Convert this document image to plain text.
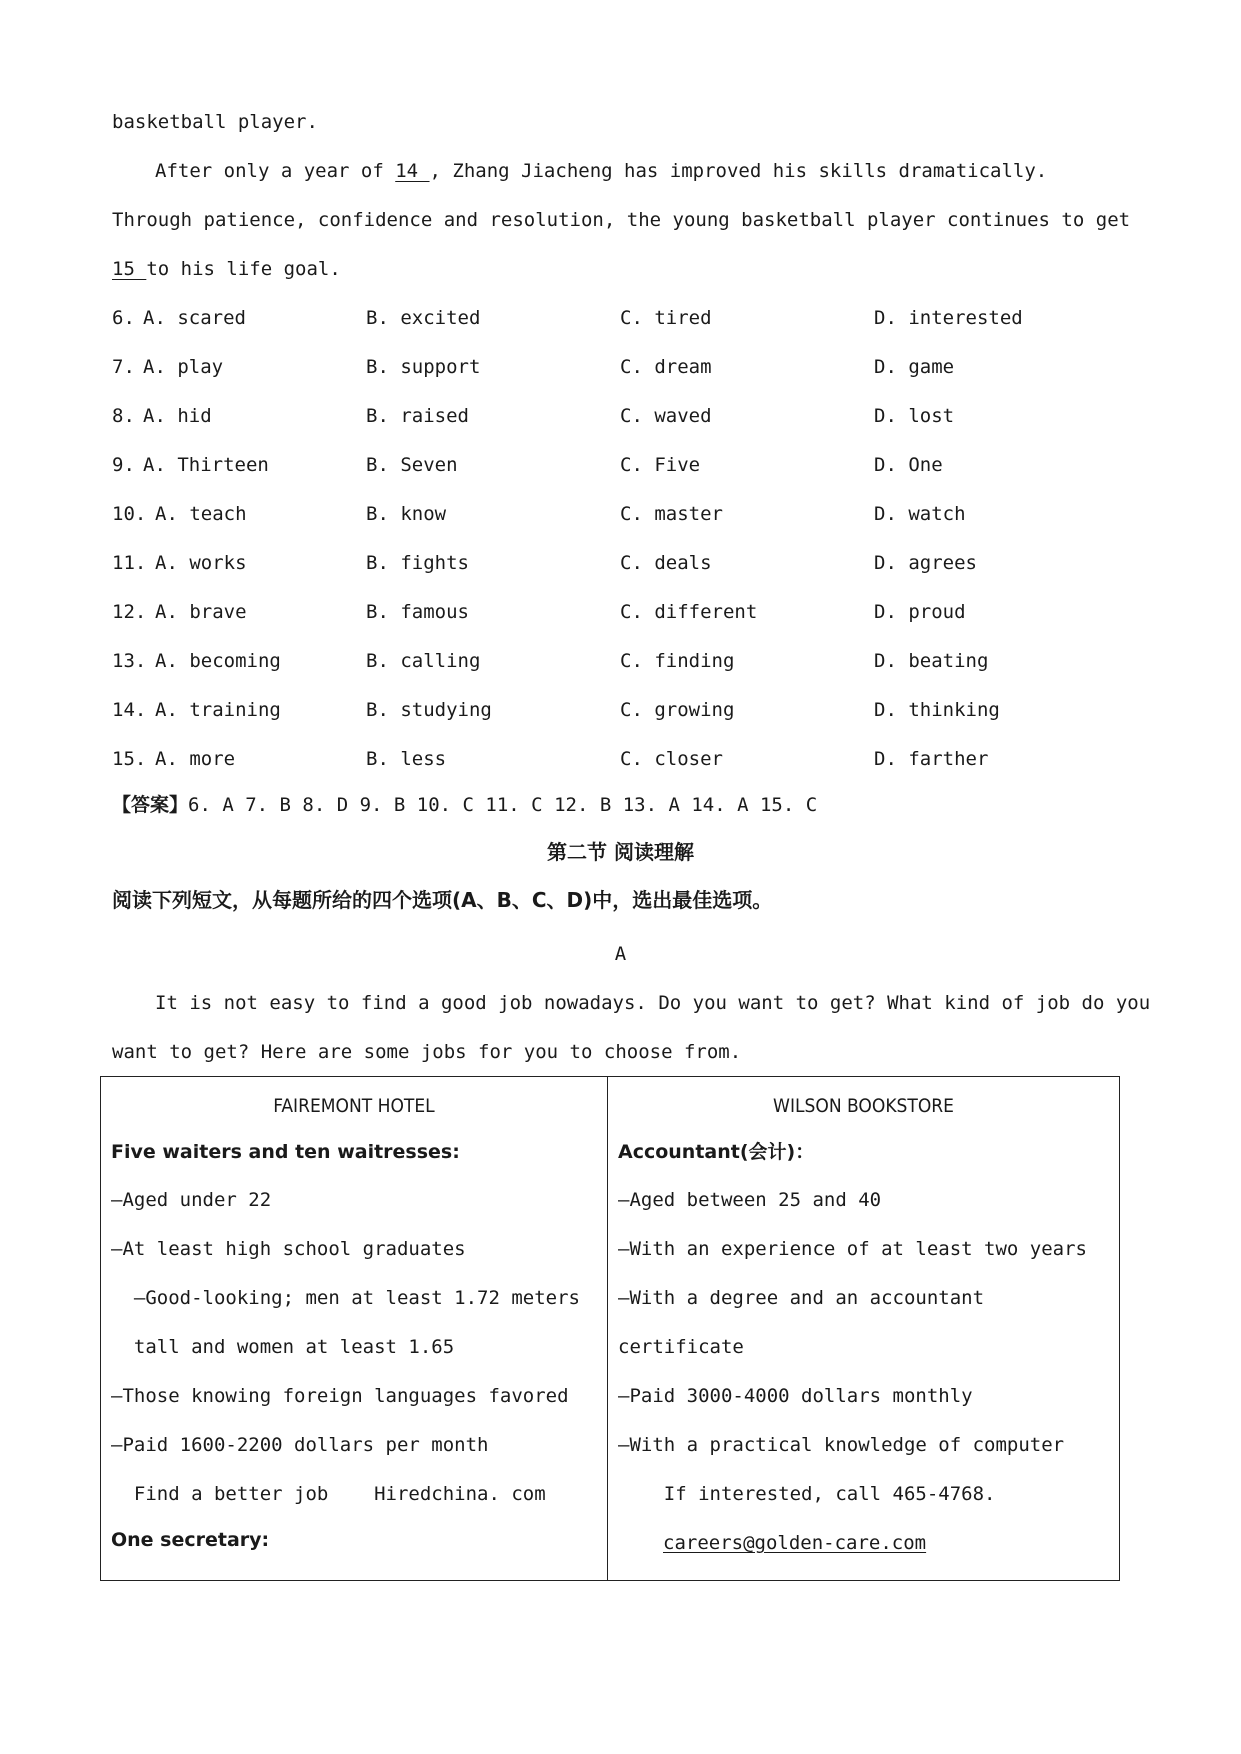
basketball player.
After only a year of 14 , Zhang Jiacheng has improved his skills dramatically.
Through patience, confidence and resolution, the young basketball player continues to get
15 to his life goal.
6. A. scared	B. excited	C. tired	D. interested
7. A. play	B. support	C. dream	D. game
8. A. hid	B. raised	C. waved	D. lost
9. A. Thirteen	B. Seven	C. Five	D. One
10. A. teach	B. know	C. master	D. watch
11. A. works	B. fights	C. deals	D. agrees
12. A. brave	B. famous	C. different	D. proud
13. A. becoming	B. calling	C. finding	D. beating
14. A. training	B. studying	C. growing	D. thinking
15. A. more	B. less	C. closer	D. farther
【答案】6. A 7. B 8. D 9. B 10. C 11. C 12. B 13. A 14. A 15. C
第二节 阅读理解
阅读下列短文，从每题所给的四个选项(A、B、C、D)中，选出最佳选项。
A
It is not easy to find a good job nowadays. Do you want to get? What kind of job do you
want to get? Here are some jobs for you to choose from.
FAIREMONT HOTEL
Five waiters and ten waitresses:
—Aged under 22
—At least high school graduates
—Good-looking; men at least 1.72 meters
tall and women at least 1.65
—Those knowing foreign languages favored
—Paid 1600-2200 dollars per month
Find a better job    Hiredchina. com
One secretary:

WILSON BOOKSTORE
Accountant(会计)：
—Aged between 25 and 40
—With an experience of at least two years
—With a degree and an accountant
certificate
—Paid 3000-4000 dollars monthly
—With a practical knowledge of computer
If interested, call 465-4768.
careers@golden-care.com
